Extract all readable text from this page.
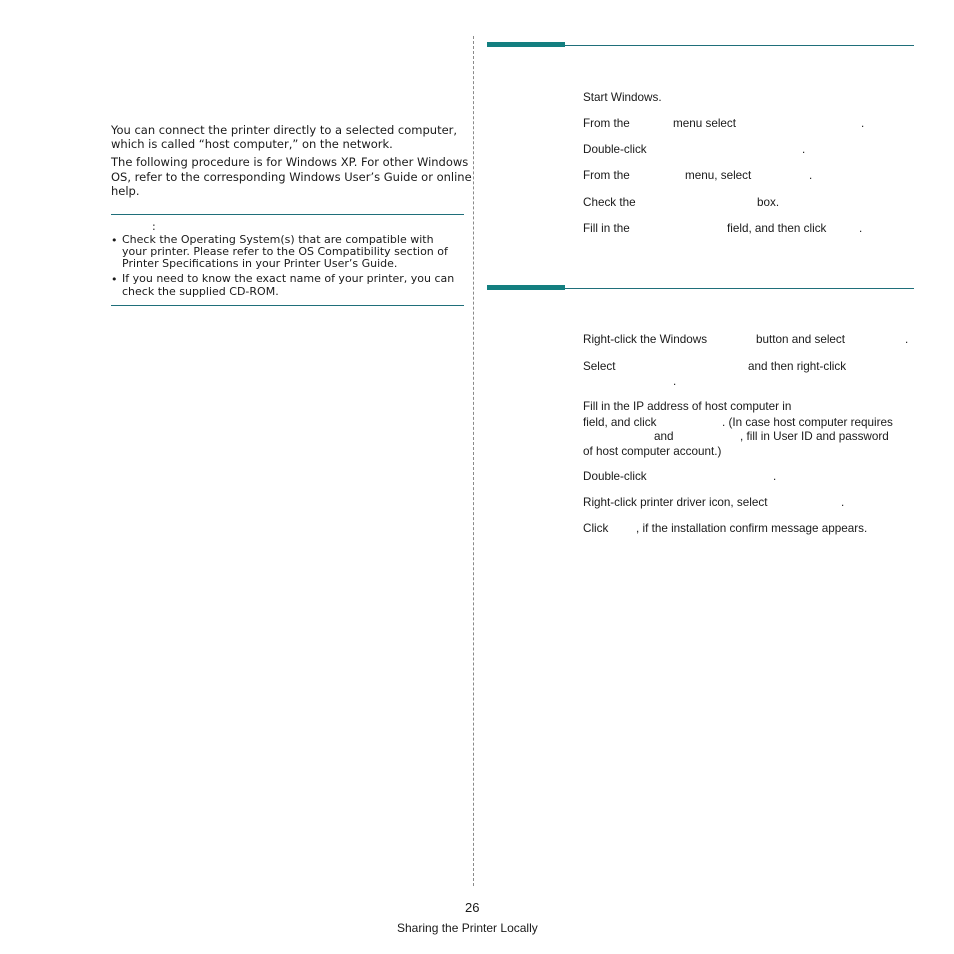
You can connect the printer directly to a selected computer,
which is called “host computer,” on the network.
The following procedure is for Windows XP. For other Windows
OS, refer to the corresponding Windows User’s Guide or online
help.
:
• Check the Operating System(s) that are compatible with
your printer. Please refer to the OS Compatibility section of
Printer Specifications in your Printer User’s Guide.
• If you need to know the exact name of your printer, you can
check the supplied CD-ROM.
Start Windows.
From the	menu select	.
Double-click	.
From the	menu, select	.
Check the	box.
Fill in the	field, and then click	.
Right-click the Windows	button and select	.
Select	and then right-click
.
Fill in the IP address of host computer in
field, and click	. (In case host computer requires
and	, fill in User ID and password
of host computer account.)
Double-click	.
Right-click printer driver icon, select	.
Click , if the installation confirm message appears.
26
Sharing the Printer Locally
